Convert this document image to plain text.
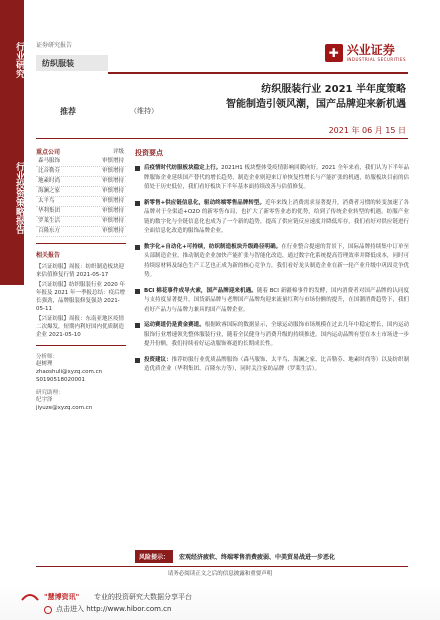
行业研究
行业投资策略报告
证券研究报告
纺织服装
✚ 兴业证券
INDUSTRIAL SECURITIES
纺织服装行业 2021 半年度策略
智能制造引领风潮，国产品牌迎来新机遇
推荐	（维持）
2021 年 06 月 15 日
重点公司	评级
森马服饰	审慎增持
比音勒芬	审慎增持
地素时尚	审慎增持
海澜之家	审慎增持
太平鸟	审慎增持
华利集团	审慎增持
罗莱生活	审慎增持
百隆东方	审慎增持
相关报告
【兴证纺服】周报：纺织制造板块迎来估值修复行情 2021-05-17
【兴证纺服】纺织服装行业 2020 年年报及 2021 年一季报总结：疫后增长强劲，品牌服装修复强劲 2021-05-11
【兴证纺服】周报：东南亚地区疫情二次爆发，短期内利好国内优质制造企业 2021-05-10
分析师：
赵树理
zhaoshuli@xyzq.com.cn
S0190518020001
研究助理：
纪宇泽
jiyuze@xyzq.com.cn
投资要点
后疫情时代纺服板块稳定上行。2021H1 板块整体受疫情影响回暖向好。2021 全年来看，我们认为下半年品牌服饰企业延续国产替代的增长趋势，制造企业则迎来订单恢复性增长与产能扩张的机遇，纺服板块目前的估值处于历史低位，我们看好板块下半年基本面持续改善与估值修复。
新零售+供应链信息化，驱动终端零售品牌转型。近年来线上消费需求显著提升，消费者习惯的转变加速了各品牌对于全渠道+O2O 的新零售布局，也扩大了新零售业态的优势，给到了传统企业转型的机遇。纺服产业链的数字化与全链信息化也成为了一个新的趋势，提高了供应链反应速度并降低库存，我们看好对供应链进行全面信息化改造的服饰品牌企业。
数字化+自动化+可持续，纺织制造板块升级路径明确。在行业整合提速的背景下，国际品牌持续集中订单至头部制造企业，推动制造企业加快产能扩张与智能化改造，通过数字化系统提高管理效率并降低成本，同时可持续原材料及绿色生产工艺也正成为新的核心竞争力，我们看好龙头制造企业在新一轮产业升级中巩固竞争优势。
BCI 棉花事件成导火索，国产品牌迎来机遇。随着 BCI 新疆棉事件的发酵，国内消费者对国产品牌的认同度与支持度显著提升，国货新品牌与老牌国产品牌均迎来流量红利与市场份额的提升，在国潮消费趋势下，我们看好产品力与品牌力兼具的国产品牌企业。
运动赛道仍是黄金赛道。根据欧睿国际的数据显示，全球运动服饰市场规模在过去几年中稳定增长，国内运动服饰行业增速领先整体服装行业，随着全民健身与消费升级的持续推进，国内运动品牌有望在本土市场进一步提升份额，我们持续看好运动服饰赛道的长期成长性。
投资建议：推荐纺服行业优质品牌服饰（森马服饰、太平鸟、海澜之家、比音勒芬、地素时尚等）以及纺织制造优质企业（华利集团、百隆东方等），同时关注家纺品牌（罗莱生活）。
风险提示：	宏观经济疲软、终端零售消费疲弱、中美贸易战进一步恶化
请务必阅读正文之后的信息披露和重要声明
"慧博资讯" 专业的投资研究大数据分享平台
点击进入 http://www.hibor.com.cn
